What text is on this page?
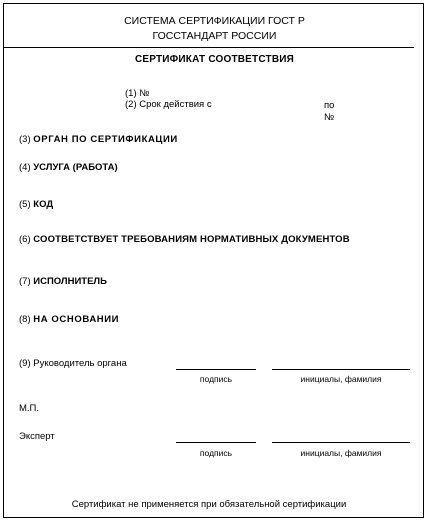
СИСТЕМА СЕРТИФИКАЦИИ ГОСТ Р
ГОССТАНДАРТ РОССИИ
СЕРТИФИКАТ СООТВЕТСТВИЯ
(1) №
(2) Срок действия с	по
№
(3) ОРГАН ПО СЕРТИФИКАЦИИ
(4) УСЛУГА (РАБОТА)
(5) КОД
(6) СООТВЕТСТВУЕТ ТРЕБОВАНИЯМ НОРМАТИВНЫХ ДОКУМЕНТОВ
(7) ИСПОЛНИТЕЛЬ
(8) НА ОСНОВАНИИ
(9) Руководитель органа
подпись	инициалы, фамилия
М.П.
Эксперт
подпись	инициалы, фамилия
Сертификат не применяется при обязательной сертификации
